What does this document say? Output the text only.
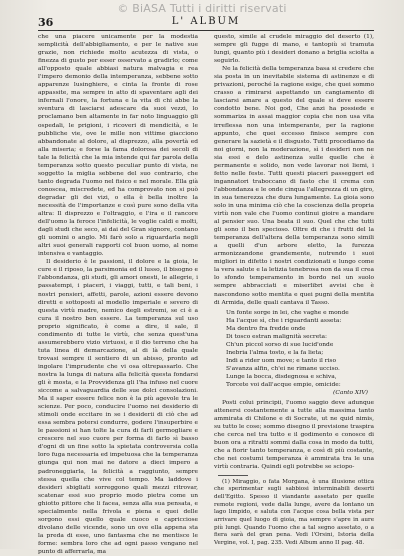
© BiASA Tutti i diritti riservati
36	L' ALBUM

che una piacere unicamente per la modestia semplicità dell'abbigliamento, e per le native sue grazie, non richiede molto acutezza di vista, o finezza di gusto per esser osservato a gradirlo; come all'opposto quale abbiasi natura malvagia e rea l'impero demonio della intemperanza, sebbene sotto apparenze lusinghiere, e cinta la fronte di rose appassite, ma sempre in atto di spaventare agli dei infernali l'onore, la fortuna e la vita di chi abbe la sventura di lasciarsi adescare da suoi vezzi, lo proclamano ben altamente in far noto linguaggio gli ospedali, le prigioni, i ricoveri di mendicità, e le pubbliche vie, ove le mille non vittime giacciono abbandonate al dolore, al disprezzo, alla povertà ed alla miseria; e forse la fama dolorosa dei secoli di tale la felicità che la mia intende qui far parola della temperanza sotto questo peculiar punto di vista, ne soggetto la miglia sebbene del suo contrario, che tanto degrada l'uomo nel fisico e nel morale. Ella già conoscea, miscredete, ed ha comprovato non si può degradar gli dei vizi, o ella è bella inoltre la necessità de l'importanze e così pure sono della vita altra: Il disprezzo e l'oltraggio, e l'ira e il rancore dell'uomo la feroce l'infelicità, le voglie caldi e molti, dagli studi che seco, ai dai del Gran signore, contano gli uomini o anglo. Mi farò solo a riguardarla negli altri suoi generali rapporti col buon uomo, al nome intensiva e vantaggio.

Il desiderio è le passioni, il dolore e la gioia, le cure e il riposo, la parsimonia ed il lusso, il bisogno e l'abbondanza, gli studi, gli amori onesti, le allegrie, i passatempi, i piaceri, i viaggi, tutti, e tali beni, i nostri pensieri, affetti, parole, azioni essere devono diretti e sottoposti al modello imperiale e severo di questa virtù madre, nemico degli estremi, se ci è a cura il nostro ben essere. La temperanza sul uso proprio significato, è come a dire, il sale, il condimento di tutte le virtù, che senza quest'una assumerebbero vizio virtuosi, e il dio terreno che ha tuta linea di demarcazione, al di là della quale trovasi sempre il sentiero di un abisso, pronto ad ingolare l'imprudente che vi osa oltrepassarlo. Che nostra la lunga di natura alla felicità questa fondarsi gli è mosta, e la Provvidenza gli l'ha infuso nel cuore siccome a salvaguardia delle sue dolci consolazioni. Ma il saper essere felice non è la più agevole tra le scienze. Per poco, conducire l'uomo nei desiderio di stimoli onde eccitare in se i desiderii di ciò che ad essa sembra potersi condurre, godere l'insuperbire e le passioni si han tolte la cura di farli germogliare e crescere nel suo cuore per forma di farlo sì basso d'ogni di un fine sotto la spietata controversia colla loro fuga necessaria ed impetuosa che la temperanza giunga qui non mai ne datore a dieci impero a padroneggiarla, la felicità a raggiunto, sempre stessa quella che vive col tempo. Ma laddove i desideri sbigliati sorreggono quali mezzi ritrovar, scatenar essi suo proprio modo pietra come un ghiotto pittore che li facea, senza alla sua pensata, e specialmente nella frivola e piena e quei delle sorgono essi quello quale cuoco e capricciose divolano delle vicende, sono un ove ella appena sta la preda di esse, uno fantasma che ne mentisce le forme: sembra loro che ad ogni passo vengano nel punto di afferrarla, ma

questo, simile al crudele miraggio del deserto (1), sempre gli fugge di mano, e tantopiù si tramuta lungi, quanto più i desideri donano a briglia sciolta a seguirlo.

Ne la felicità della temperanza basa si credere che sia posta in un inevitabile sistema di astinenze e di privazioni, peroché la ragione esige, che quei sommo crasso a rimirarsi aspettando un cangiamento di lasciarsi amare a questo del quale si deve essere condotto bene. Noi god, Che anzi ha possiede e sommariza in assai maggior copia che non usa vita irreflessa non una intemperante, per la ragione appunto, che quei eccesso finisce sempre con generare la sazietà e il disgusto. Tutti procediamo da noi giorni, non la moderazione, sì i desideri non ne sia essi e delo astinenza sulle quelle che è permanente e solido, non vede lavorar noi liemi, i fetto nelle feste. Tutti questi piaceri passeggeri ed ingannatori traboccano di fasto che il crema con l'abbondanza e le onde cinqua l'allegrezza di un giro, in sua tenerezza che dura lungamente. La gioia sono solo in una minima ciò che la coscienza della propria virtù non vale che l'uomo continui gioire a mandare al pensier suo. Una beata il suo. Quel che che tutti gli sono il ben specioso. Oltre di che i frutti del la temperanza dell'altera della temperanza sono simili a quelli d'un arbore eletto, la furezza armonizzandone grandemente, nutrendo i suoi migliori in difetto i nostri condizionati e lungo come la vera salute e la letizia tenebrosa non da sua il crea lo sfondo temperamento in bordo nel un suolo sempre abbracciati e miserlibri avvisi che è nascondono sotto mentita e quei pugni della mentita di Armida, delle quali cantava il Tasso.

Un fonte sorge in lei, che vaghe e monde
Ha l'acque sì, che i riguardanti asseta:
Ma dentro fra fredde onde
Di tosco estran malignità secreta:
Ch'un piccol sorso di sue lucid'onde
Inebria l'alma tosto, e la fa lieta;
Indi a rider uom move; e tanto il riso
S'avanza alfin, ch'ei ne rimane ucciso.
Lunge la bocca, disdegnosa e schiva,
Torcete voi dall'acque empie, omicide:
(Canto XIV)

Posti colui principii, l'uomo saggio deve adunque attenersi costantemente a tutte alla massima tanto ammirata di Chilone e di Socrate, ut ne quid nimis, su tutto le cose; sommo disegno il previsione traspira che cerca nel tra tutto e il godimento e conosce di buon ora a ritratti sommi dalla cosa in modo da tutti, che a fiorir tanto temperanza, e così di più costante, che nei costumi temperanza è ammirata tra le una virtù contraria. Quindi egli potrebbe se sciopo-

(1) Miraggio, o fata Morgana, è una illusione ottica che sperimentar sugli sabbiosi interminabili deserti dell'Egitto. Spesso il viandante assetato per quelle remote regioni, vede dalla lunge, avere da lontano un lago limpido, e saluta con l'acque cosa bella vista per arrivare quel luogo di gioia, ma sempre s'apre in aure più lungi. Quando l'uomo che a tal segno assetato, o a fiera sarà del gran pena. Vedi l'Orsini, Istoria della Vergine, vol. I, pag. 235. Vedi Album anno II pag. 48.
